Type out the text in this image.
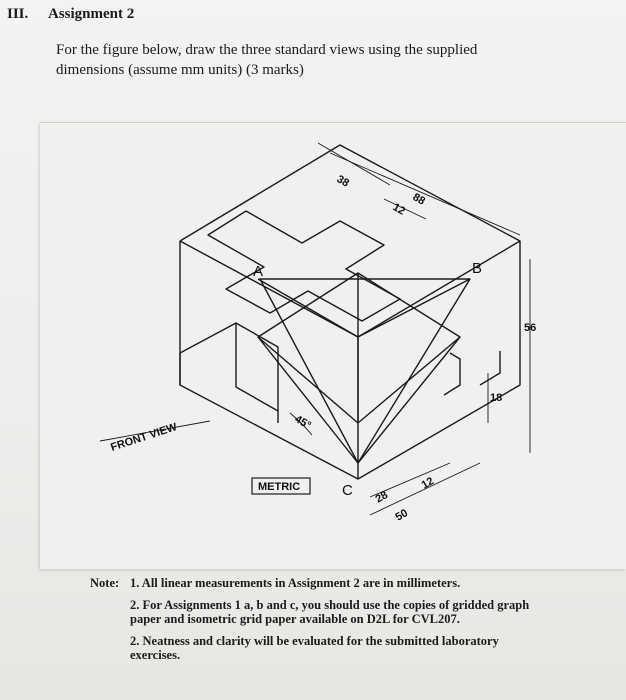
III. Assignment 2
For the figure below, draw the three standard views using the supplied dimensions (assume mm units) (3 marks)
A	B
C
38
88
12
56
18
45°
28
12
50
FRONT VIEW
METRIC
Note: 1. All linear measurements in Assignment 2 are in millimeters.
2. For Assignments 1 a, b and c, you should use the copies of gridded graph paper and isometric grid paper available on D2L for CVL207.
2. Neatness and clarity will be evaluated for the submitted laboratory exercises.
